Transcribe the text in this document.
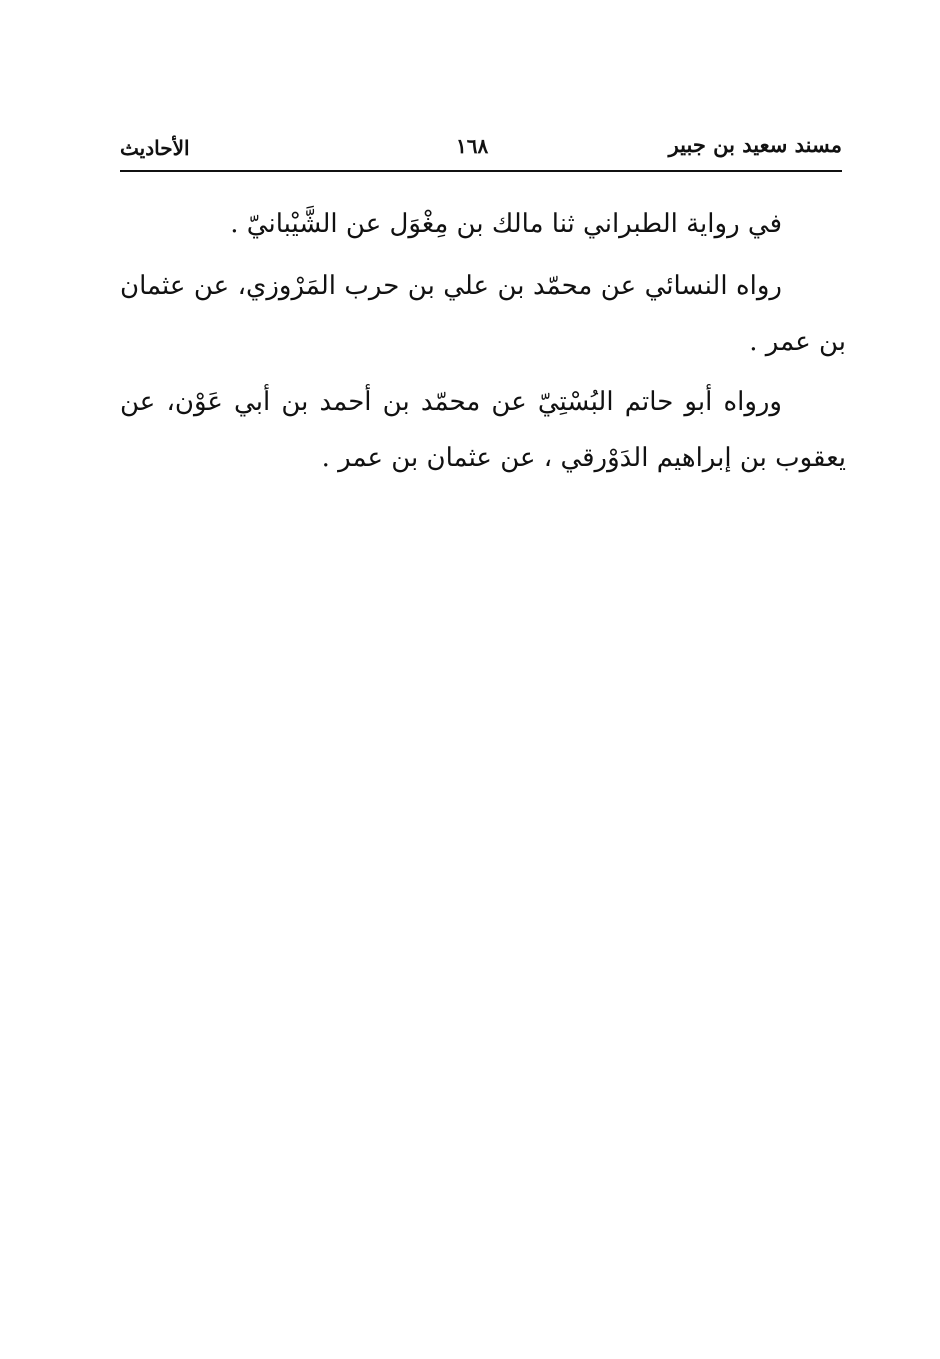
مسند سعيد بن جبير
١٦٨
الأحاديث

في رواية الطبراني ثنا مالك بن مِغْوَل عن الشَّيْبانيّ .

رواه النسائي عن محمّد بن علي بن حرب المَرْوزي، عن عثمان بن عمر .

ورواه أبو حاتم البُسْتِيّ عن محمّد بن أحمد بن أبي عَوْن، عن يعقوب بن إبراهيم الدَوْرقي ، عن عثمان بن عمر .
